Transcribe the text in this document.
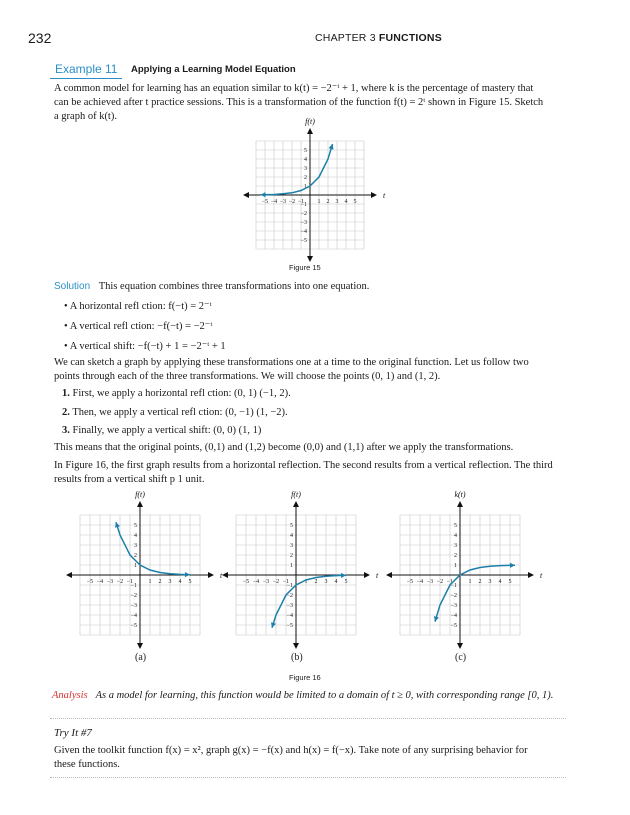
232	CHAPTER 3 FUNCTIONS
Example 11 Applying a Learning Model Equation
A common model for learning has an equation similar to k(t) = −2⁻ᵗ + 1, where k is the percentage of mastery that
can be achieved after t practice sessions. This is a transformation of the function f(t) = 2ᵗ shown in Figure 15. Sketch
a graph of k(t).
−5 −4 −3 −2 −1 1 2 3 4 5
5
4
3
2
1
−1
−2
−3
−4
−5
f(t)
t
Figure 15
Solution This equation combines three transformations into one equation.
• A horizontal refl ction: f(−t) = 2⁻ᵗ
• A vertical refl ction: −f(−t) = −2⁻ᵗ
• A vertical shift: −f(−t) + 1 = −2⁻ᵗ + 1
We can sketch a graph by applying these transformations one at a time to the original function. Let us follow two
points through each of the three transformations. We will choose the points (0, 1) and (1, 2).
1. First, we apply a horizontal refl ction: (0, 1) (−1, 2).
2. Then, we apply a vertical refl ction: (0, −1) (1, −2).
3. Finally, we apply a vertical shift: (0, 0) (1, 1)
This means that the original points, (0,1) and (1,2) become (0,0) and (1,1) after we apply the transformations.
In Figure 16, the first graph results from a horizontal reflection. The second results from a vertical reflection. The third
results from a vertical shift p 1 unit.
−5 −4 −3 −2 −1	1 2 3 4 5
5
4
3
2
1
−1
−2
−3
−4
−5
f(t)
t
−5 −4 −3 −2 −1	1 2 3 4 5
5
4
3
2
1
−1
−2
−3
−4
−5
f(t)
t
−5 −4 −3 −2 −1	1 2 3 4 5
5
4
3
2
1
−1
−2
−3
−4
−5
k(t)
t
(a)	(b)	(c)
Figure 16
Analysis As a model for learning, this function would be limited to a domain of t ≥ 0, with corresponding range [0, 1).
Try It #7
Given the toolkit function f(x) = x², graph g(x) = −f(x) and h(x) = f(−x). Take note of any surprising behavior for
these functions.
